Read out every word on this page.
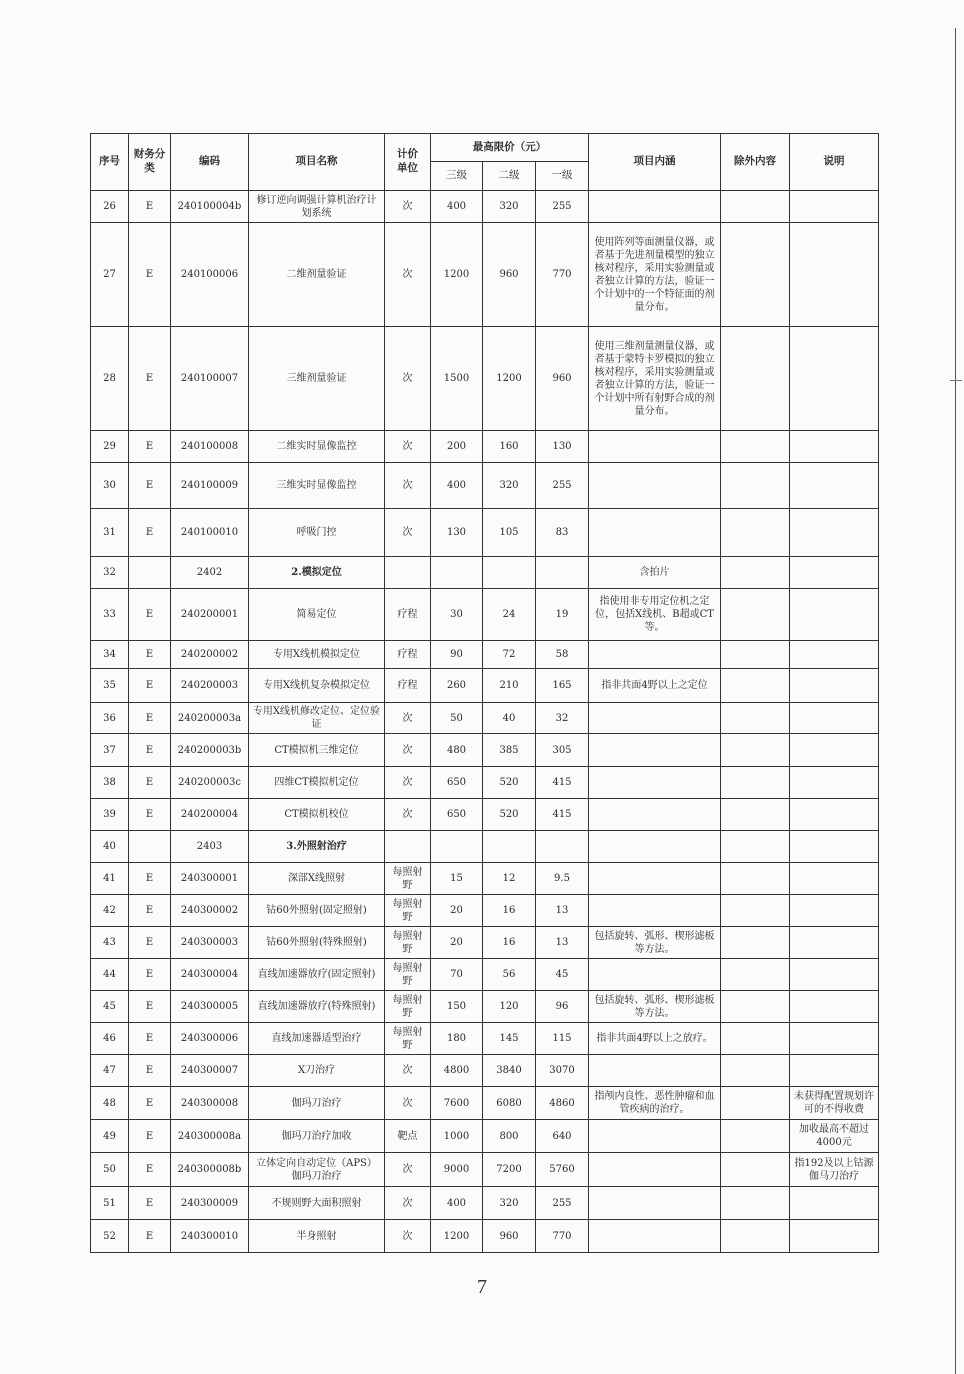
序号	财务分类	编码	项目名称	计价单位	最高限价（元）			项目内涵	除外内容	说明
					三级	二级	一级			
26	E	240100004b	修订逆向调强计算机治疗计划系统	次	400	320	255			
27	E	240100006	二维剂量验证	次	1200	960	770	使用阵列等面测量仪器，或者基于先进剂量模型的独立核对程序，采用实验测量或者独立计算的方法，验证一个计划中的一个特征面的剂量分布。		
28	E	240100007	三维剂量验证	次	1500	1200	960	使用三维剂量测量仪器，或者基于蒙特卡罗模拟的独立核对程序，采用实验测量或者独立计算的方法，验证一个计划中所有射野合成的剂量分布。		
29	E	240100008	二维实时显像监控	次	200	160	130			
30	E	240100009	三维实时显像监控	次	400	320	255			
31	E	240100010	呼吸门控	次	130	105	83			
32		2402	2.模拟定位					含拍片		
33	E	240200001	简易定位	疗程	30	24	19	指使用非专用定位机之定位，包括X线机、B超或CT等。		
34	E	240200002	专用X线机模拟定位	疗程	90	72	58			
35	E	240200003	专用X线机复杂模拟定位	疗程	260	210	165	指非共面4野以上之定位		
36	E	240200003a	专用X线机修改定位、定位验证	次	50	40	32			
37	E	240200003b	CT模拟机三维定位	次	480	385	305			
38	E	240200003c	四维CT模拟机定位	次	650	520	415			
39	E	240200004	CT模拟机校位	次	650	520	415			
40		2403	3.外照射治疗							
41	E	240300001	深部X线照射	每照射野	15	12	9.5			
42	E	240300002	钴60外照射(固定照射)	每照射野	20	16	13			
43	E	240300003	钴60外照射(特殊照射)	每照射野	20	16	13	包括旋转、弧形、楔形滤板等方法。		
44	E	240300004	直线加速器放疗(固定照射)	每照射野	70	56	45			
45	E	240300005	直线加速器放疗(特殊照射)	每照射野	150	120	96	包括旋转、弧形、楔形滤板等方法。		
46	E	240300006	直线加速器适型治疗	每照射野	180	145	115	指非共面4野以上之放疗。		
47	E	240300007	X刀治疗	次	4800	3840	3070			
48	E	240300008	伽玛刀治疗	次	7600	6080	4860	指颅内良性、恶性肿瘤和血管疾病的治疗。		未获得配置规划许可的不得收费
49	E	240300008a	伽玛刀治疗加收	靶点	1000	800	640			加收最高不超过4000元
50	E	240300008b	立体定向自动定位（APS）伽玛刀治疗	次	9000	7200	5760			指192及以上钴源伽马刀治疗
51	E	240300009	不规则野大面积照射	次	400	320	255			
52	E	240300010	半身照射	次	1200	960	770			
7
